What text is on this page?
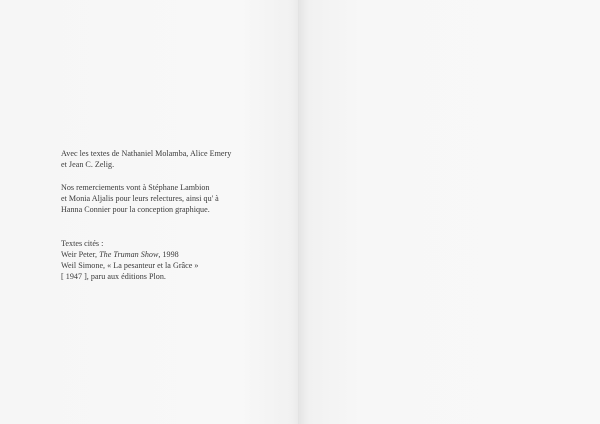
Avec les textes de Nathaniel Molamba, Alice Emery
et Jean C. Zelig.
Nos remerciements vont à Stéphane Lambion
et Monia Aljalis pour leurs relectures, ainsi qu' à
Hanna Connier pour la conception graphique.
Textes cités :
Weir Peter, The Truman Show, 1998
Weil Simone, « La pesanteur et la Grâce »
[ 1947 ], paru aux éditions Plon.
